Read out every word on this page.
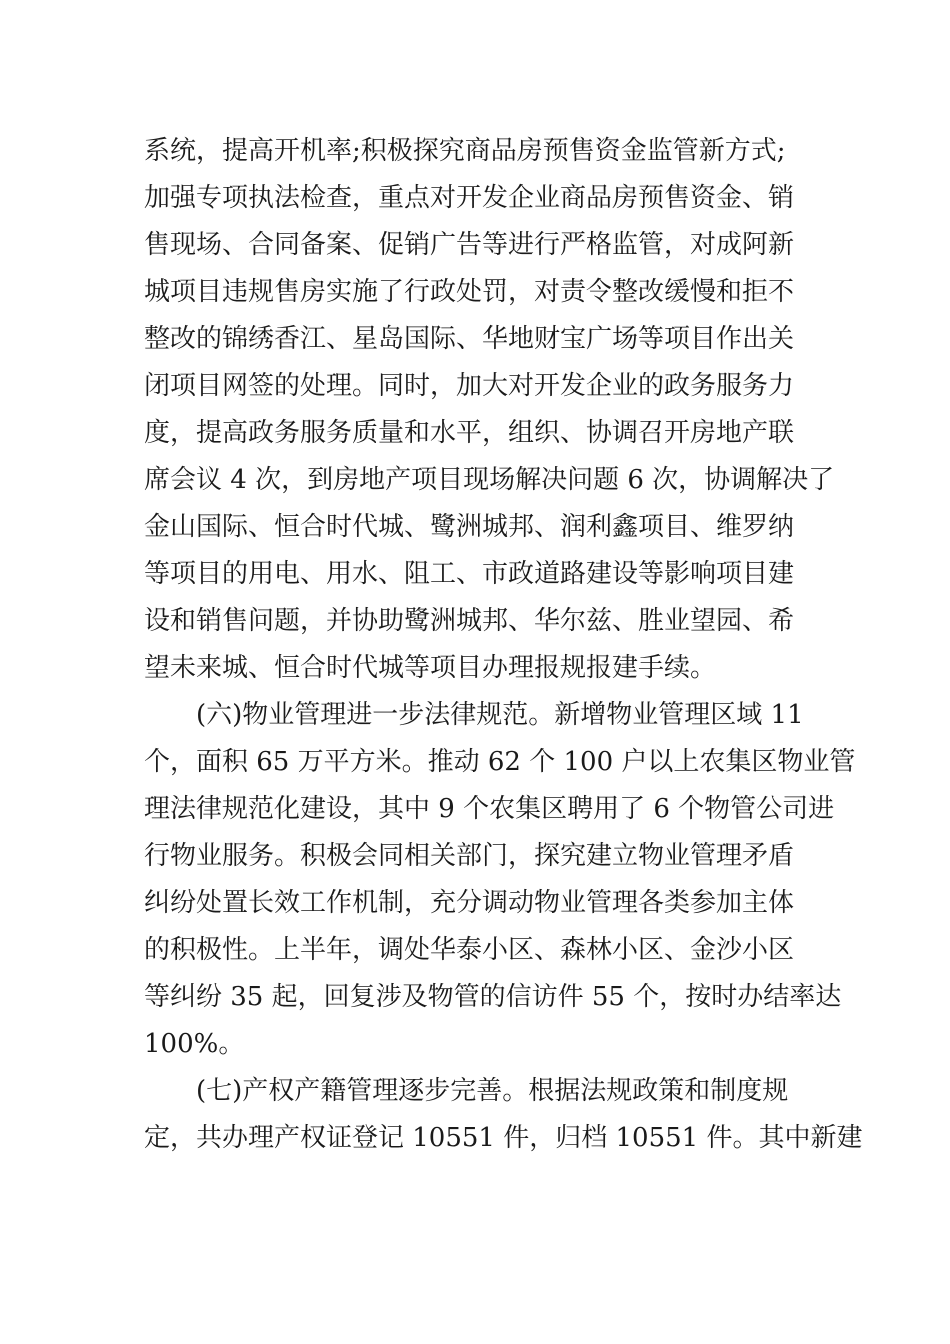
系统，提高开机率;积极探究商品房预售资金监管新方式;
加强专项执法检查，重点对开发企业商品房预售资金、销
售现场、合同备案、促销广告等进行严格监管，对成阿新
城项目违规售房实施了行政处罚，对责令整改缓慢和拒不
整改的锦绣香江、星岛国际、华地财宝广场等项目作出关
闭项目网签的处理。同时，加大对开发企业的政务服务力
度，提高政务服务质量和水平，组织、协调召开房地产联
席会议 4 次，到房地产项目现场解决问题 6 次，协调解决了
金山国际、恒合时代城、鹭洲城邦、润利鑫项目、维罗纳
等项目的用电、用水、阻工、市政道路建设等影响项目建
设和销售问题，并协助鹭洲城邦、华尔兹、胜业望园、希
望未来城、恒合时代城等项目办理报规报建手续。
(六)物业管理进一步法律规范。新增物业管理区域 11
个，面积 65 万平方米。推动 62 个 100 户以上农集区物业管
理法律规范化建设，其中 9 个农集区聘用了 6 个物管公司进
行物业服务。积极会同相关部门，探究建立物业管理矛盾
纠纷处置长效工作机制，充分调动物业管理各类参加主体
的积极性。上半年，调处华泰小区、森林小区、金沙小区
等纠纷 35 起，回复涉及物管的信访件 55 个，按时办结率达
100%。
(七)产权产籍管理逐步完善。根据法规政策和制度规
定，共办理产权证登记 10551 件，归档 10551 件。其中新建
